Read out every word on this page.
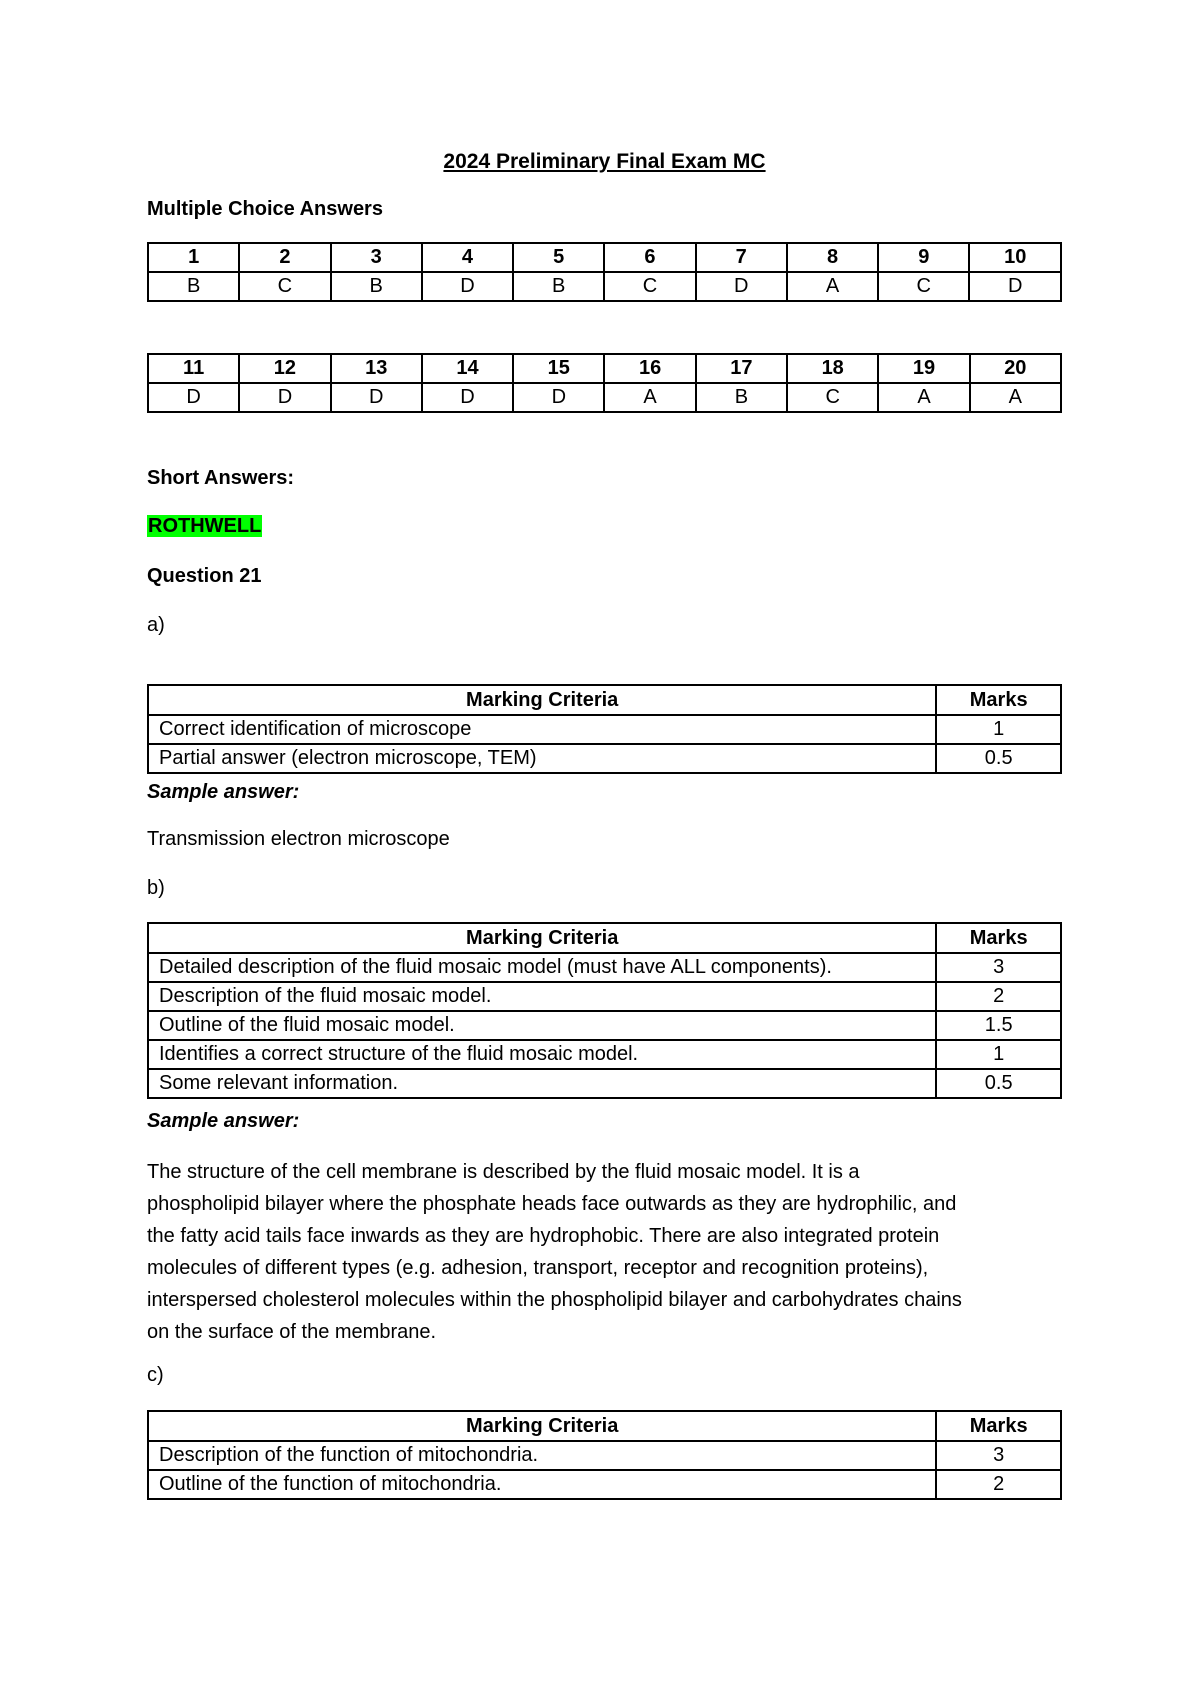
2024 Preliminary Final Exam MC
Multiple Choice Answers
1	2	3	4	5	6	7	8	9	10
B	C	B	D	B	C	D	A	C	D
11	12	13	14	15	16	17	18	19	20
D	D	D	D	D	A	B	C	A	A
Short Answers:
ROTHWELL
Question 21
a)
Marking Criteria	Marks
Correct identification of microscope	1
Partial answer (electron microscope, TEM)	0.5
Sample answer:
Transmission electron microscope
b)
Marking Criteria	Marks
Detailed description of the fluid mosaic model (must have ALL components).	3
Description of the fluid mosaic model.	2
Outline of the fluid mosaic model.	1.5
Identifies a correct structure of the fluid mosaic model.	1
Some relevant information.	0.5
Sample answer:
The structure of the cell membrane is described by the fluid mosaic model. It is a
phospholipid bilayer where the phosphate heads face outwards as they are hydrophilic, and
the fatty acid tails face inwards as they are hydrophobic. There are also integrated protein
molecules of different types (e.g. adhesion, transport, receptor and recognition proteins),
interspersed cholesterol molecules within the phospholipid bilayer and carbohydrates chains
on the surface of the membrane.
c)
Marking Criteria	Marks
Description of the function of mitochondria.	3
Outline of the function of mitochondria.	2
